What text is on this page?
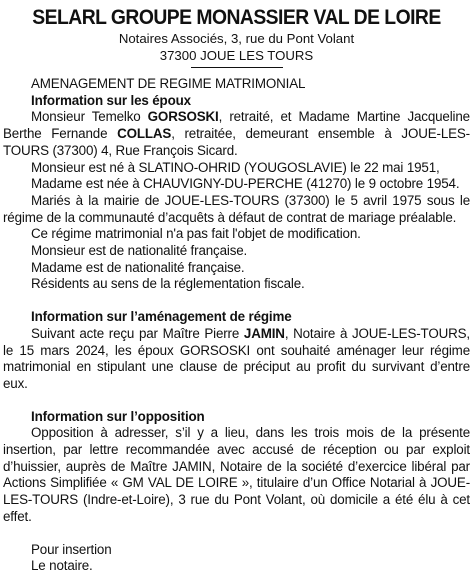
SELARL GROUPE MONASSIER VAL DE LOIRE

Notaires Associés, 3, rue du Pont Volant

37300 JOUE LES TOURS

AMENAGEMENT DE REGIME MATRIMONIAL

Information sur les époux

Monsieur Temelko GORSOSKI, retraité, et Madame Martine Jacqueline Berthe Fernande COLLAS, retraitée, demeurant ensemble à JOUE-LES-TOURS (37300) 4, Rue François Sicard.

Monsieur est né à SLATINO-OHRID (YOUGOSLAVIE) le 22 mai 1951,

Madame est née à CHAUVIGNY-DU-PERCHE (41270) le 9 octobre 1954.

Mariés à la mairie de JOUE-LES-TOURS (37300) le 5 avril 1975 sous le régime de la communauté d’acquêts à défaut de contrat de mariage préalable.

Ce régime matrimonial n'a pas fait l'objet de modification.

Monsieur est de nationalité française.

Madame est de nationalité française.

Résidents au sens de la réglementation fiscale.

Information sur l’aménagement de régime

Suivant acte reçu par Maître Pierre JAMIN, Notaire à JOUE-LES-TOURS, le 15 mars 2024, les époux GORSOSKI ont souhaité aménager leur régime matrimonial en stipulant une clause de préciput au profit du survivant d’entre eux.

Information sur l’opposition

Opposition à adresser, s’il y a lieu, dans les trois mois de la présente insertion, par lettre recommandée avec accusé de réception ou par exploit d’huissier, auprès de Maître JAMIN, Notaire de la société d’exercice libéral par Actions Simplifiée « GM VAL DE LOIRE », titulaire d’un Office Notarial à JOUE-LES-TOURS (Indre-et-Loire), 3 rue du Pont Volant, où domicile a été élu à cet effet.

Pour insertion

Le notaire.
